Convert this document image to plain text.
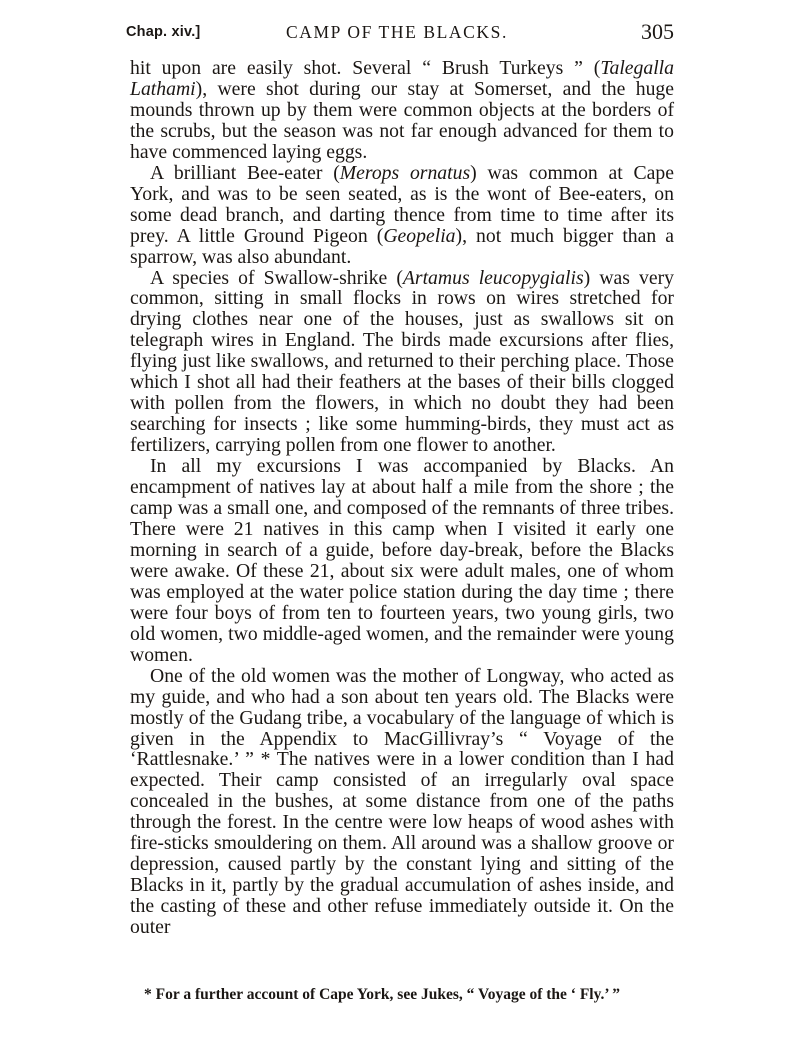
Chap. xiv.]	CAMP OF THE BLACKS.	305

hit upon are easily shot. Several “ Brush Turkeys ” (Talegalla Lathami), were shot during our stay at Somerset, and the huge mounds thrown up by them were common objects at the borders of the scrubs, but the season was not far enough advanced for them to have commenced laying eggs.

A brilliant Bee-eater (Merops ornatus) was common at Cape York, and was to be seen seated, as is the wont of Bee-eaters, on some dead branch, and darting thence from time to time after its prey. A little Ground Pigeon (Geopelia), not much bigger than a sparrow, was also abundant.

A species of Swallow-shrike (Artamus leucopygialis) was very common, sitting in small flocks in rows on wires stretched for drying clothes near one of the houses, just as swallows sit on telegraph wires in England. The birds made excursions after flies, flying just like swallows, and returned to their perching place. Those which I shot all had their feathers at the bases of their bills clogged with pollen from the flowers, in which no doubt they had been searching for insects ; like some humming-birds, they must act as fertilizers, carrying pollen from one flower to another.

In all my excursions I was accompanied by Blacks. An encampment of natives lay at about half a mile from the shore ; the camp was a small one, and composed of the remnants of three tribes. There were 21 natives in this camp when I visited it early one morning in search of a guide, before day-break, before the Blacks were awake. Of these 21, about six were adult males, one of whom was employed at the water police station during the day time ; there were four boys of from ten to fourteen years, two young girls, two old women, two middle-aged women, and the remainder were young women.

One of the old women was the mother of Longway, who acted as my guide, and who had a son about ten years old. The Blacks were mostly of the Gudang tribe, a vocabulary of the language of which is given in the Appendix to MacGillivray’s “ Voyage of the ‘Rattlesnake.’ ” * The natives were in a lower condition than I had expected. Their camp consisted of an irregularly oval space concealed in the bushes, at some distance from one of the paths through the forest. In the centre were low heaps of wood ashes with fire-sticks smouldering on them. All around was a shallow groove or depression, caused partly by the constant lying and sitting of the Blacks in it, partly by the gradual accumulation of ashes inside, and the casting of these and other refuse immediately outside it. On the outer

* For a further account of Cape York, see Jukes, “ Voyage of the ‘ Fly.’ ”
